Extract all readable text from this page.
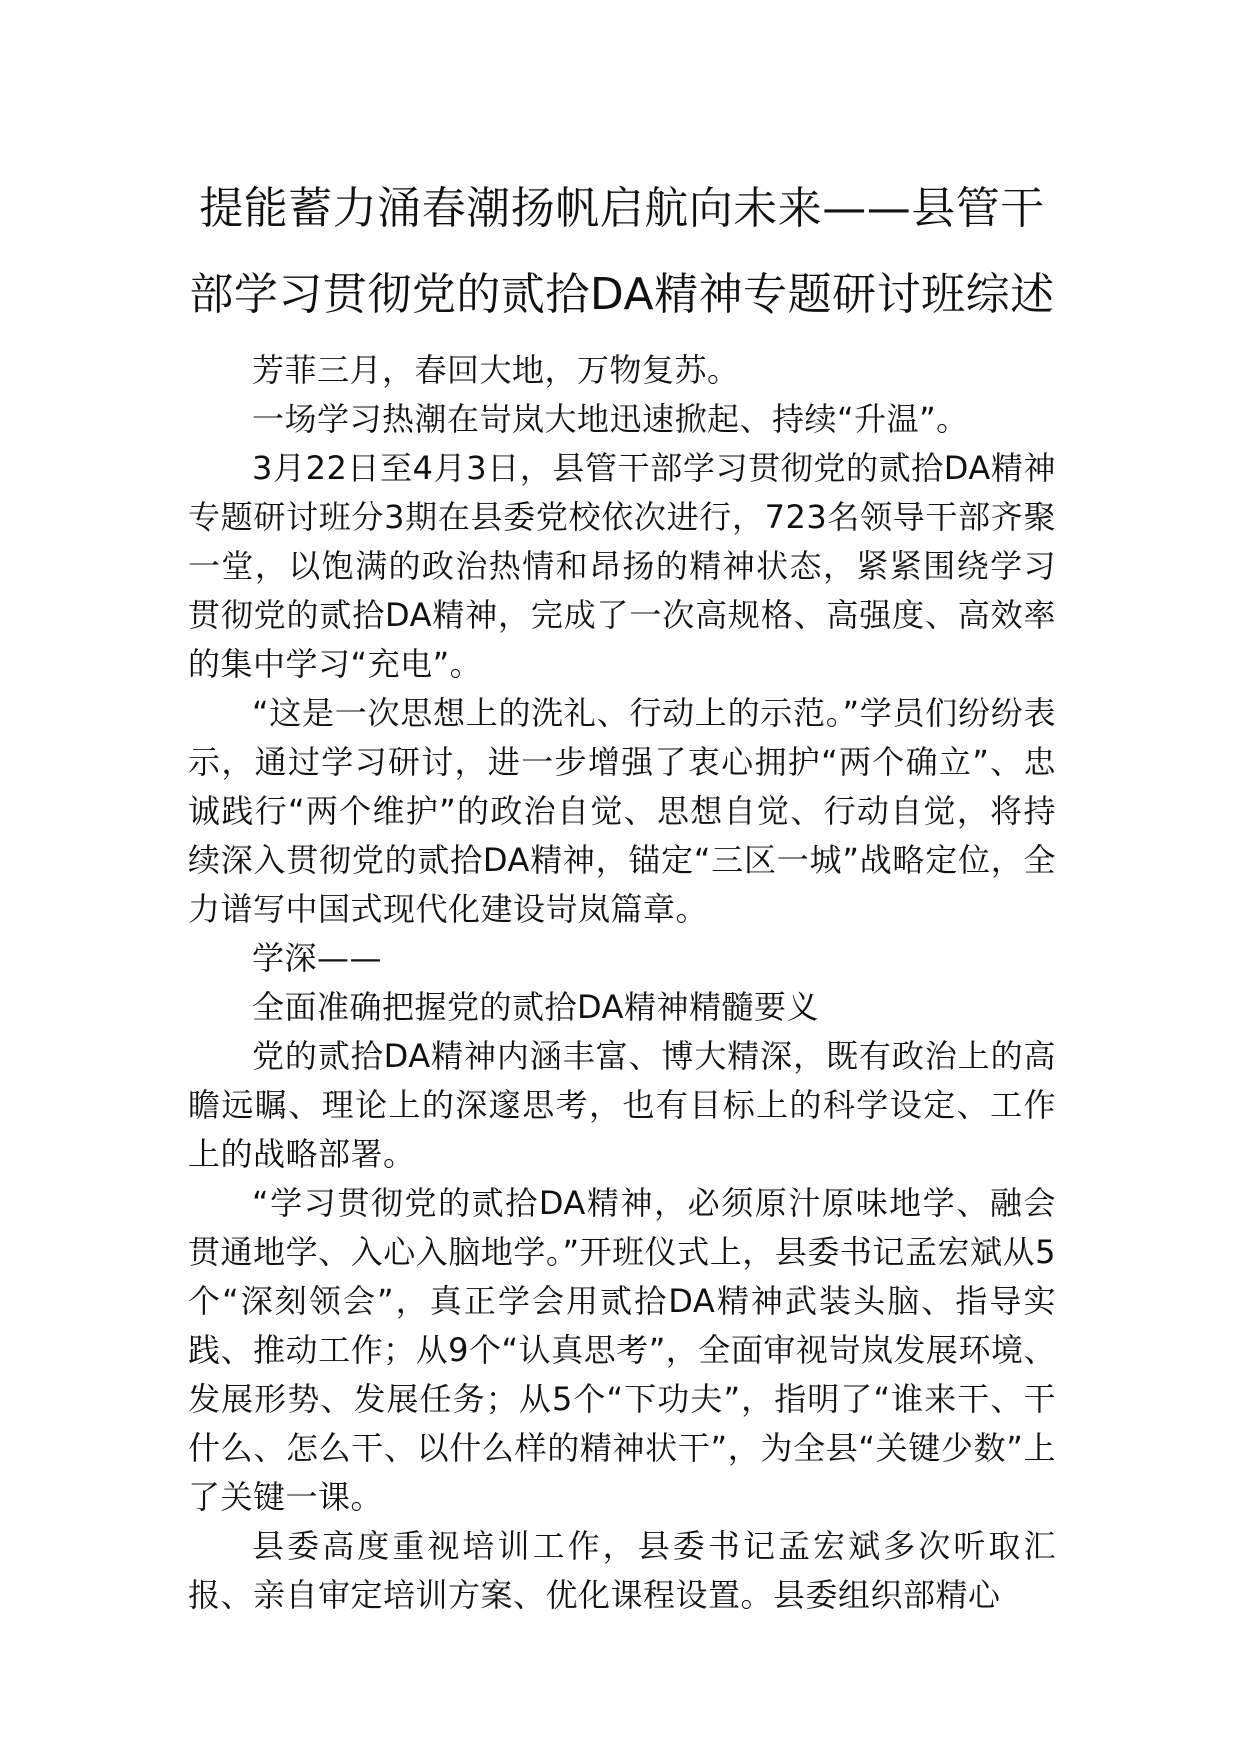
提能蓄力涌春潮扬帆启航向未来——县管干部学习贯彻党的贰拾DA精神专题研讨班综述

芳菲三月，春回大地，万物复苏。

一场学习热潮在岢岚大地迅速掀起、持续“升温”。

3月22日至4月3日，县管干部学习贯彻党的贰拾DA精神专题研讨班分3期在县委党校依次进行，723名领导干部齐聚一堂，以饱满的政治热情和昂扬的精神状态，紧紧围绕学习贯彻党的贰拾DA精神，完成了一次高规格、高强度、高效率的集中学习“充电”。

“这是一次思想上的洗礼、行动上的示范。”学员们纷纷表示，通过学习研讨，进一步增强了衷心拥护“两个确立”、忠诚践行“两个维护”的政治自觉、思想自觉、行动自觉，将持续深入贯彻党的贰拾DA精神，锚定“三区一城”战略定位，全力谱写中国式现代化建设岢岚篇章。

学深——

全面准确把握党的贰拾DA精神精髓要义

党的贰拾DA精神内涵丰富、博大精深，既有政治上的高瞻远瞩、理论上的深邃思考，也有目标上的科学设定、工作上的战略部署。

“学习贯彻党的贰拾DA精神，必须原汁原味地学、融会贯通地学、入心入脑地学。”开班仪式上，县委书记孟宏斌从5个“深刻领会”，真正学会用贰拾DA精神武装头脑、指导实践、推动工作；从9个“认真思考”，全面审视岢岚发展环境、发展形势、发展任务；从5个“下功夫”，指明了“谁来干、干什么、怎么干、以什么样的精神状干”，为全县“关键少数”上了关键一课。

县委高度重视培训工作，县委书记孟宏斌多次听取汇报、亲自审定培训方案、优化课程设置。县委组织部精心
